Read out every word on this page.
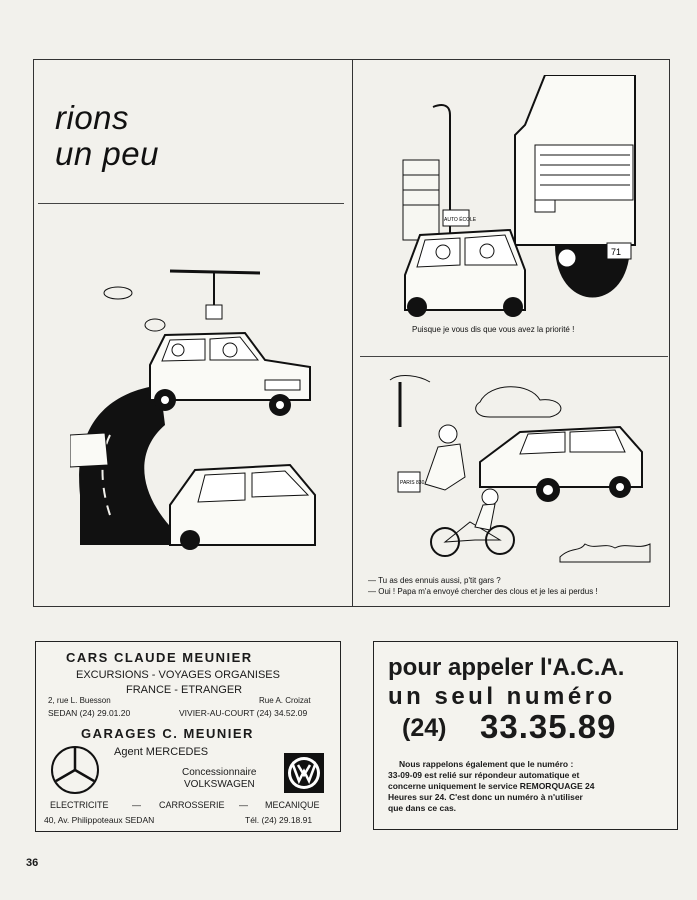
rions
un peu
71
AUTO ÉCOLE
Puisque je vous dis que vous avez la priorité !
PARIS 830
— Tu as des ennuis aussi, p'tit gars ?
— Oui ! Papa m'a envoyé chercher des clous et je les ai perdus !
CARS CLAUDE MEUNIER
EXCURSIONS - VOYAGES ORGANISES
FRANCE - ETRANGER
2, rue L. Buesson
SEDAN (24) 29.01.20
Rue A. Croizat
VIVIER-AU-COURT (24) 34.52.09
GARAGES C. MEUNIER
Agent MERCEDES
Concessionnaire
VOLKSWAGEN
ELECTRICITE	— CARROSSERIE — MECANIQUE
40, Av. Philippoteaux SEDAN	Tél. (24) 29.18.91
pour appeler l'A.C.A.
un seul numéro
(24) 33.35.89
Nous rappelons également que le numéro :
33-09-09 est relié sur répondeur automatique et
concerne uniquement le service REMORQUAGE 24
Heures sur 24. C'est donc un numéro à n'utiliser
que dans ce cas.
36
